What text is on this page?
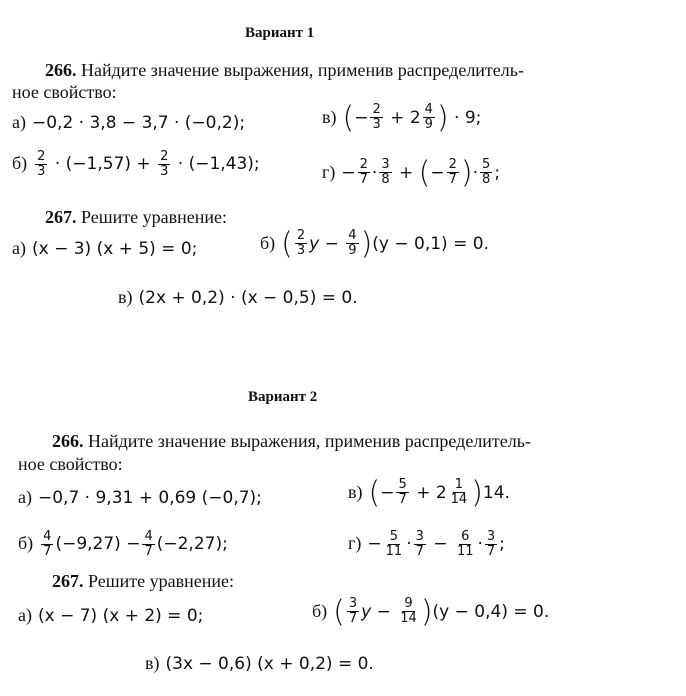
Вариант 1
266. Найдите значение выражения, применив распределитель-
ное свойство:
а) −0,2 · 3,8 − 3,7 · (−0,2);	в) (− $\frac{2}{3} + 2 \frac{4}{9}$ ) · 9;
$б) \frac{2}{3} \cdot (-1,57) + \frac{2}{3} \cdot (-1,43)$;	$г) - \frac{2}{7} \cdot \frac{3}{8}$ + (− $\frac{2}{7}$ )· $\frac{5}{8}$ ;
267. Решите уравнение:
а) (x − 3) (x + 5) = 0;	б) ( $\frac{2}{3}$ $y - \frac{4}{9} )(y - 0,1) = 0$.
в) (2x + 0,2) · (x − 0,5) = 0.
Вариант 2
266. Найдите значение выражения, применив распределитель-
ное свойство:
а) −0,7 · 9,31 + 0,69 (−0,7);	в) (− $\frac{5}{7} + 2 \frac{1}{14} )14$.
$б) \frac{4}{7} (-9,27) - \frac{4}{7} (-2,27)$;	$г) - \frac{5}{11} \cdot \frac{3}{7} - \frac{6}{11} \cdot \frac{3}{7}$ ;
267. Решите уравнение:
а) (x − 7) (x + 2) = 0;	б) ( $\frac{3}{7}$ $y - \frac{9}{14} )(y - 0,4) = 0$.
в) (3x − 0,6) (x + 0,2) = 0.
